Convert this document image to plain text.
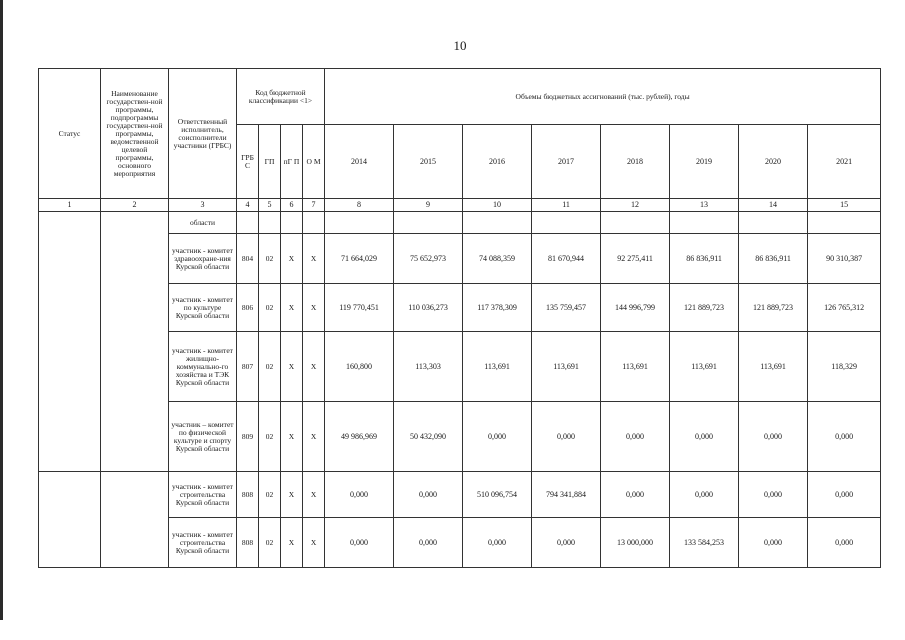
10
Статус	Наименование государствен-ной программы, подпрограммы государствен-ной программы, ведомственной целевой программы, основного мероприятия	Ответственный исполнитель, соисполнители участники (ГРБС)	Код бюджетной классификации <1>				Объемы бюджетных ассигнований (тыс. рублей), годы							
			ГРБ С	ГП	пГ П	О М	2014	2015	2016	2017	2018	2019	2020	2021
1	2	3	4	5	6	7	8	9	10	11	12	13	14	15
		области												
		участник - комитет здравоохране-ния Курской области	804	02	X	X	71 664,029	75 652,973	74 088,359	81 670,944	92 275,411	86 836,911	86 836,911	90 310,387
		участник - комитет по культуре Курской области	806	02	X	X	119 770,451	110 036,273	117 378,309	135 759,457	144 996,799	121 889,723	121 889,723	126 765,312
		участник - комитет жилищно-коммунально-го хозяйства и ТЭК Курской области	807	02	X	X	160,800	113,303	113,691	113,691	113,691	113,691	113,691	118,329
		участник – комитет по физической культуре и спорту Курской области	809	02	X	X	49 986,969	50 432,090	0,000	0,000	0,000	0,000	0,000	0,000
		участник - комитет строительства Курской области	808	02	X	X	0,000	0,000	510 096,754	794 341,884	0,000	0,000	0,000	0,000
		участник - комитет строительства Курской области	808	02	X	X	0,000	0,000	0,000	0,000	13 000,000	133 584,253	0,000	0,000
